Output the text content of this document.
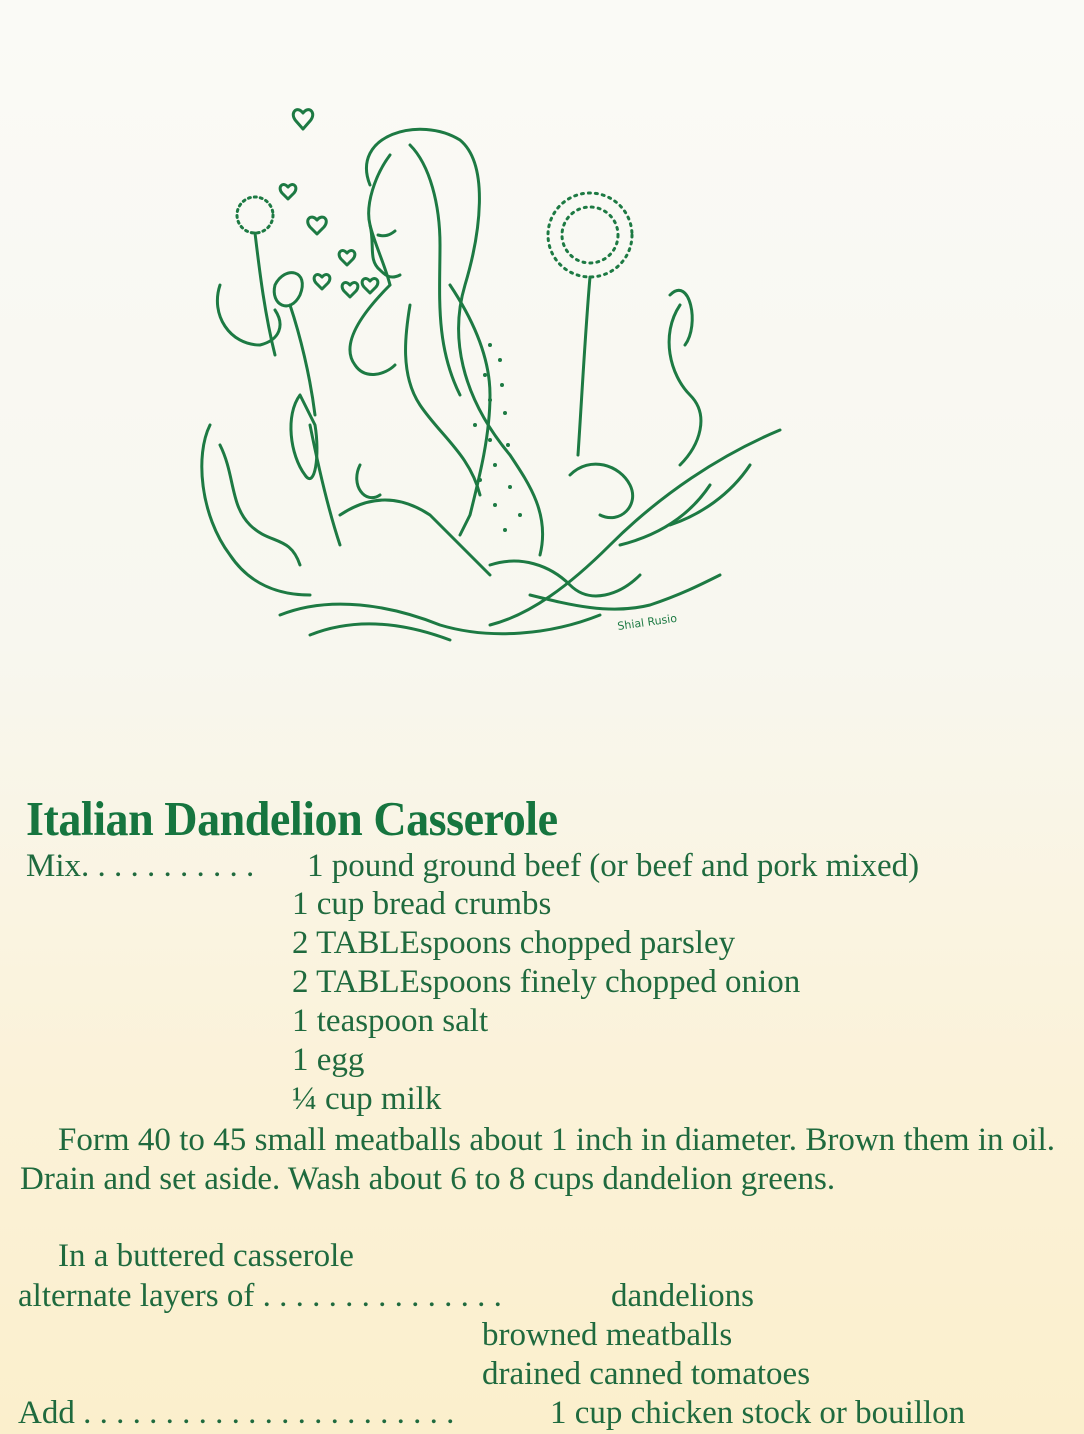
Shial Rusio
Italian Dandelion Casserole
Mix. . . . . . . . . . . 1 pound ground beef (or beef and pork mixed)
1 cup bread crumbs
2 TABLEspoons chopped parsley
2 TABLEspoons finely chopped onion
1 teaspoon salt
1 egg
¼ cup milk

Form 40 to 45 small meatballs about 1 inch in diameter. Brown them in oil. Drain and set aside. Wash about 6 to 8 cups dandelion greens.

In a buttered casserole
alternate layers of . . . . . . . . . . . . . . .	dandelions
browned meatballs
drained canned tomatoes
Add . . . . . . . . . . . . . . . . . . . . . . .	1 cup chicken stock or bouillon
